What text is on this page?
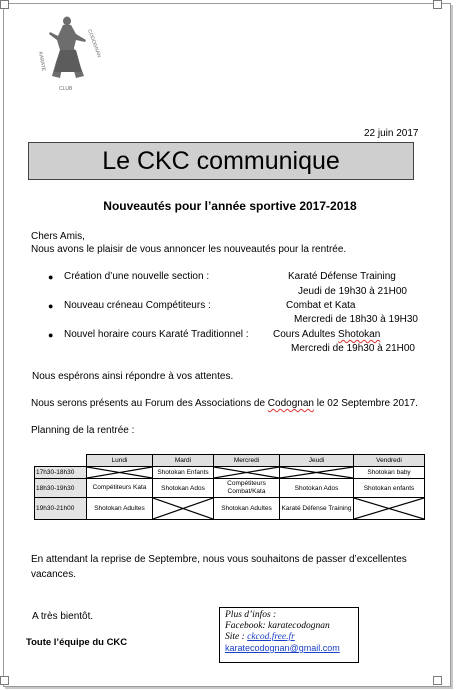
KARATE
CLUB
CODOGNAN
22 juin 2017
Le CKC communique
Nouveautés pour l’année sportive 2017-2018
Chers Amis,
Nous avons le plaisir de vous annoncer les nouveautés pour la rentrée.
● Création d’une nouvelle section :	Karaté Défense Training
Jeudi de 19h30 à 21H00
● Nouveau créneau Compétiteurs :	Combat et Kata
Mercredi de 18h30 à 19H30
● Nouvel horaire cours Karaté Traditionnel : Cours Adultes Shotokan
Mercredi de 19h30 à 21H00
Nous espérons ainsi répondre à vos attentes.
Nous serons présents au Forum des Associations de Codognan le 02 Septembre 2017.
Planning de la rentrée :
	Lundi	Mardi	Mercredi	Jeudi	Vendredi
17h30-18h30		Shotokan Enfants			Shotokan baby
18h30-19h30	Compétiteurs Kata	Shotokan Ados	Compétiteurs Combat/Kata	Shotokan Ados	Shotokan enfants
19h30-21h00	Shotokan Adultes		Shotokan Adultes	Karaté Défense Training	
En attendant la reprise de Septembre, nous vous souhaitons de passer d’excellentes
vacances.
A très bientôt.
Toute l’équipe du CKC
Plus d’infos :
Facebook: karatecodognan
Site : ckcod.free.fr
karatecodognan@gmail.com
